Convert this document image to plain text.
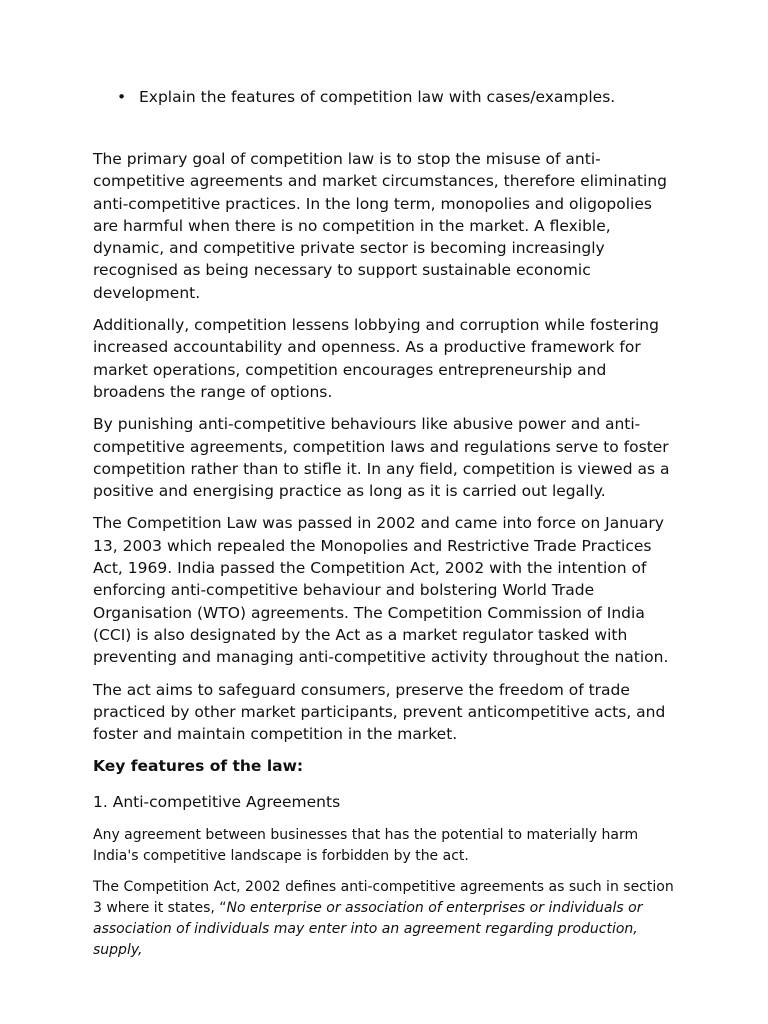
• Explain the features of competition law with cases/examples.

The primary goal of competition law is to stop the misuse of anti-competitive agreements and market circumstances, therefore eliminating anti-competitive practices. In the long term, monopolies and oligopolies are harmful when there is no competition in the market. A flexible, dynamic, and competitive private sector is becoming increasingly recognised as being necessary to support sustainable economic development.

Additionally, competition lessens lobbying and corruption while fostering increased accountability and openness. As a productive framework for market operations, competition encourages entrepreneurship and broadens the range of options.

By punishing anti-competitive behaviours like abusive power and anti-competitive agreements, competition laws and regulations serve to foster competition rather than to stifle it. In any field, competition is viewed as a positive and energising practice as long as it is carried out legally.

The Competition Law was passed in 2002 and came into force on January 13, 2003 which repealed the Monopolies and Restrictive Trade Practices Act, 1969. India passed the Competition Act, 2002 with the intention of enforcing anti-competitive behaviour and bolstering World Trade Organisation (WTO) agreements. The Competition Commission of India (CCI) is also designated by the Act as a market regulator tasked with preventing and managing anti-competitive activity throughout the nation.

The act aims to safeguard consumers, preserve the freedom of trade practiced by other market participants, prevent anticompetitive acts, and foster and maintain competition in the market.

Key features of the law:
1. Anti-competitive Agreements

Any agreement between businesses that has the potential to materially harm India's competitive landscape is forbidden by the act.

The Competition Act, 2002 defines anti-competitive agreements as such in section 3 where it states, “No enterprise or association of enterprises or individuals or association of individuals may enter into an agreement regarding production, supply,
